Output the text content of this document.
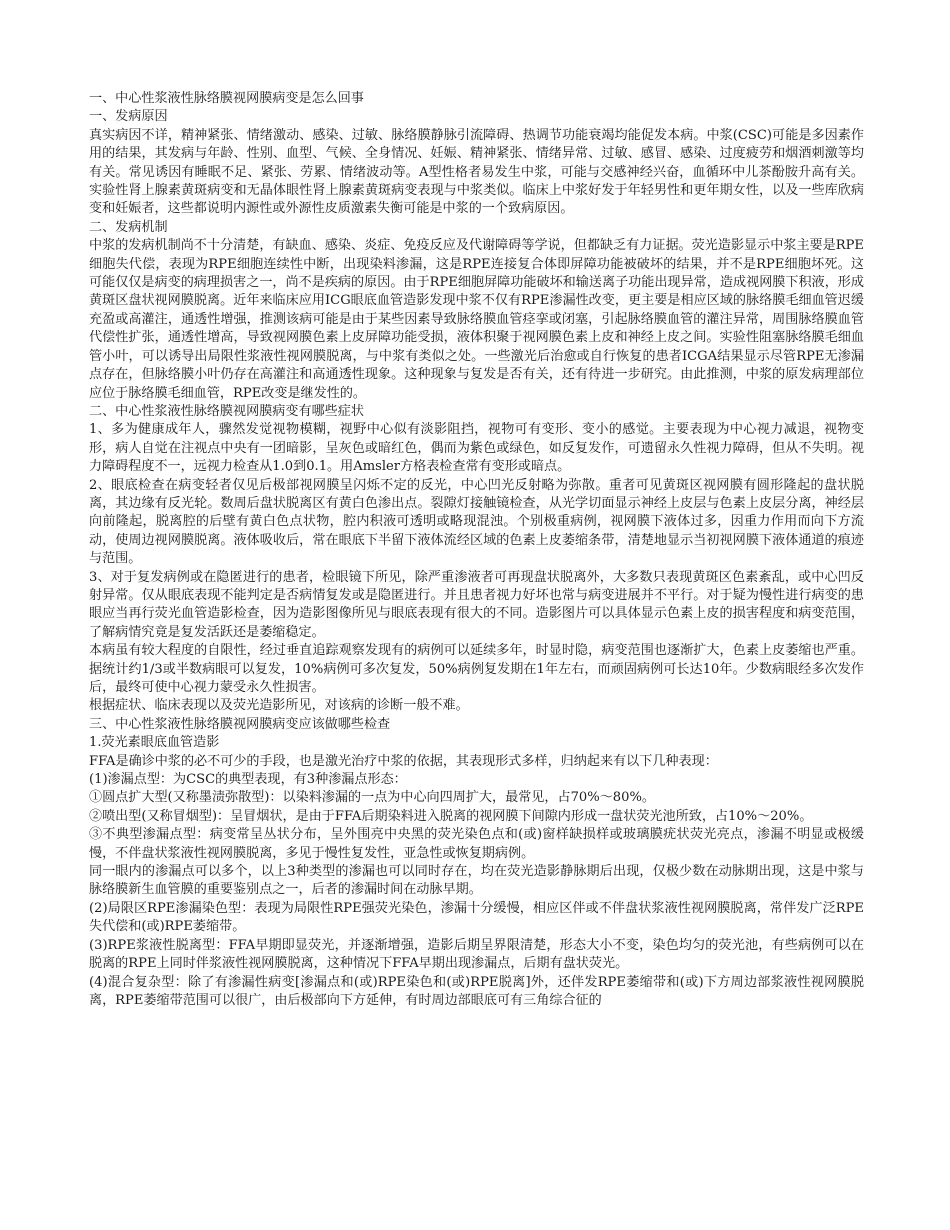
一、中心性浆液性脉络膜视网膜病变是怎么回事

一、发病原因

真实病因不详，精神紧张、情绪激动、感染、过敏、脉络膜静脉引流障碍、热调节功能衰竭均能促发本病。中浆(CSC)可能是多因素作用的结果，其发病与年龄、性别、血型、气候、全身情况、妊娠、精神紧张、情绪异常、过敏、感冒、感染、过度疲劳和烟酒刺激等均有关。常见诱因有睡眠不足、紧张、劳累、情绪波动等。A型性格者易发生中浆，可能与交感神经兴奋，血循环中儿茶酚胺升高有关。实验性肾上腺素黄斑病变和无晶体眼性肾上腺素黄斑病变表现与中浆类似。临床上中浆好发于年轻男性和更年期女性，以及一些库欣病变和妊娠者，这些都说明内源性或外源性皮质激素失衡可能是中浆的一个致病原因。

二、发病机制

中浆的发病机制尚不十分清楚，有缺血、感染、炎症、免疫反应及代谢障碍等学说，但都缺乏有力证据。荧光造影显示中浆主要是RPE细胞失代偿，表现为RPE细胞连续性中断，出现染料渗漏，这是RPE连接复合体即屏障功能被破坏的结果，并不是RPE细胞坏死。这可能仅仅是病变的病理损害之一，尚不是疾病的原因。由于RPE细胞屏障功能破坏和输送离子功能出现异常，造成视网膜下积液，形成黄斑区盘状视网膜脱离。近年来临床应用ICG眼底血管造影发现中浆不仅有RPE渗漏性改变，更主要是相应区域的脉络膜毛细血管迟缓充盈或高灌注，通透性增强，推测该病可能是由于某些因素导致脉络膜血管痉挛或闭塞，引起脉络膜血管的灌注异常，周围脉络膜血管代偿性扩张，通透性增高，导致视网膜色素上皮屏障功能受损，液体积聚于视网膜色素上皮和神经上皮之间。实验性阻塞脉络膜毛细血管小叶，可以诱导出局限性浆液性视网膜脱离，与中浆有类似之处。一些激光后治愈或自行恢复的患者ICGA结果显示尽管RPE无渗漏点存在，但脉络膜小叶仍存在高灌注和高通透性现象。这种现象与复发是否有关，还有待进一步研究。由此推测，中浆的原发病理部位应位于脉络膜毛细血管，RPE改变是继发性的。

二、中心性浆液性脉络膜视网膜病变有哪些症状

1、多为健康成年人，骤然发觉视物模糊，视野中心似有淡影阻挡，视物可有变形、变小的感觉。主要表现为中心视力减退，视物变形，病人自觉在注视点中央有一团暗影，呈灰色或暗红色，偶而为紫色或绿色，如反复发作，可遗留永久性视力障碍，但从不失明。视力障碍程度不一，远视力检查从1.0到0.1。用Amsler方格表检查常有变形或暗点。

2、眼底检查在病变轻者仅见后极部视网膜呈闪烁不定的反光，中心凹光反射略为弥散。重者可见黄斑区视网膜有圆形隆起的盘状脱离，其边缘有反光轮。数周后盘状脱离区有黄白色渗出点。裂隙灯接触镜检查，从光学切面显示神经上皮层与色素上皮层分离，神经层向前隆起，脱离腔的后壁有黄白色点状物，腔内积液可透明或略现混浊。个别极重病例，视网膜下液体过多，因重力作用而向下方流动，使周边视网膜脱离。液体吸收后，常在眼底下半留下液体流经区域的色素上皮萎缩条带，清楚地显示当初视网膜下液体通道的痕迹与范围。

3、对于复发病例或在隐匿进行的患者，检眼镜下所见，除严重渗液者可再现盘状脱离外，大多数只表现黄斑区色素紊乱，或中心凹反射异常。仅从眼底表现不能判定是否病情复发或是隐匿进行。并且患者视力好坏也常与病变进展并不平行。对于疑为慢性进行病变的患眼应当再行荧光血管造影检查，因为造影图像所见与眼底表现有很大的不同。造影图片可以具体显示色素上皮的损害程度和病变范围，了解病情究竟是复发活跃还是萎缩稳定。

本病虽有较大程度的自限性，经过垂直追踪观察发现有的病例可以延续多年，时显时隐，病变范围也逐渐扩大，色素上皮萎缩也严重。据统计约1/3或半数病眼可以复发，10%病例可多次复发，50%病例复发期在1年左右，而顽固病例可长达10年。少数病眼经多次发作后，最终可使中心视力蒙受永久性损害。

根据症状、临床表现以及荧光造影所见，对该病的诊断一般不难。

三、中心性浆液性脉络膜视网膜病变应该做哪些检查

1.荧光素眼底血管造影

FFA是确诊中浆的必不可少的手段，也是激光治疗中浆的依据，其表现形式多样，归纳起来有以下几种表现：

(1)渗漏点型：为CSC的典型表现，有3种渗漏点形态：

①圆点扩大型(又称墨渍弥散型)：以染料渗漏的一点为中心向四周扩大，最常见，占70%～80%。

②喷出型(又称冒烟型)：呈冒烟状，是由于FFA后期染料进入脱离的视网膜下间隙内形成一盘状荧光池所致，占10%～20%。

③不典型渗漏点型：病变常呈丛状分布，呈外围亮中央黑的荧光染色点和(或)窗样缺损样或玻璃膜疣状荧光亮点，渗漏不明显或极缓慢，不伴盘状浆液性视网膜脱离，多见于慢性复发性，亚急性或恢复期病例。

同一眼内的渗漏点可以多个，以上3种类型的渗漏也可以同时存在，均在荧光造影静脉期后出现，仅极少数在动脉期出现，这是中浆与脉络膜新生血管膜的重要鉴别点之一，后者的渗漏时间在动脉早期。

(2)局限区RPE渗漏染色型：表现为局限性RPE强荧光染色，渗漏十分缓慢，相应区伴或不伴盘状浆液性视网膜脱离，常伴发广泛RPE失代偿和(或)RPE萎缩带。

(3)RPE浆液性脱离型：FFA早期即显荧光，并逐渐增强，造影后期呈界限清楚，形态大小不变，染色均匀的荧光池，有些病例可以在脱离的RPE上同时伴浆液性视网膜脱离，这种情况下FFA早期出现渗漏点，后期有盘状荧光。

(4)混合复杂型：除了有渗漏性病变[渗漏点和(或)RPE染色和(或)RPE脱离]外，还伴发RPE萎缩带和(或)下方周边部浆液性视网膜脱离，RPE萎缩带范围可以很广，由后极部向下方延伸，有时周边部眼底可有三角综合征的
